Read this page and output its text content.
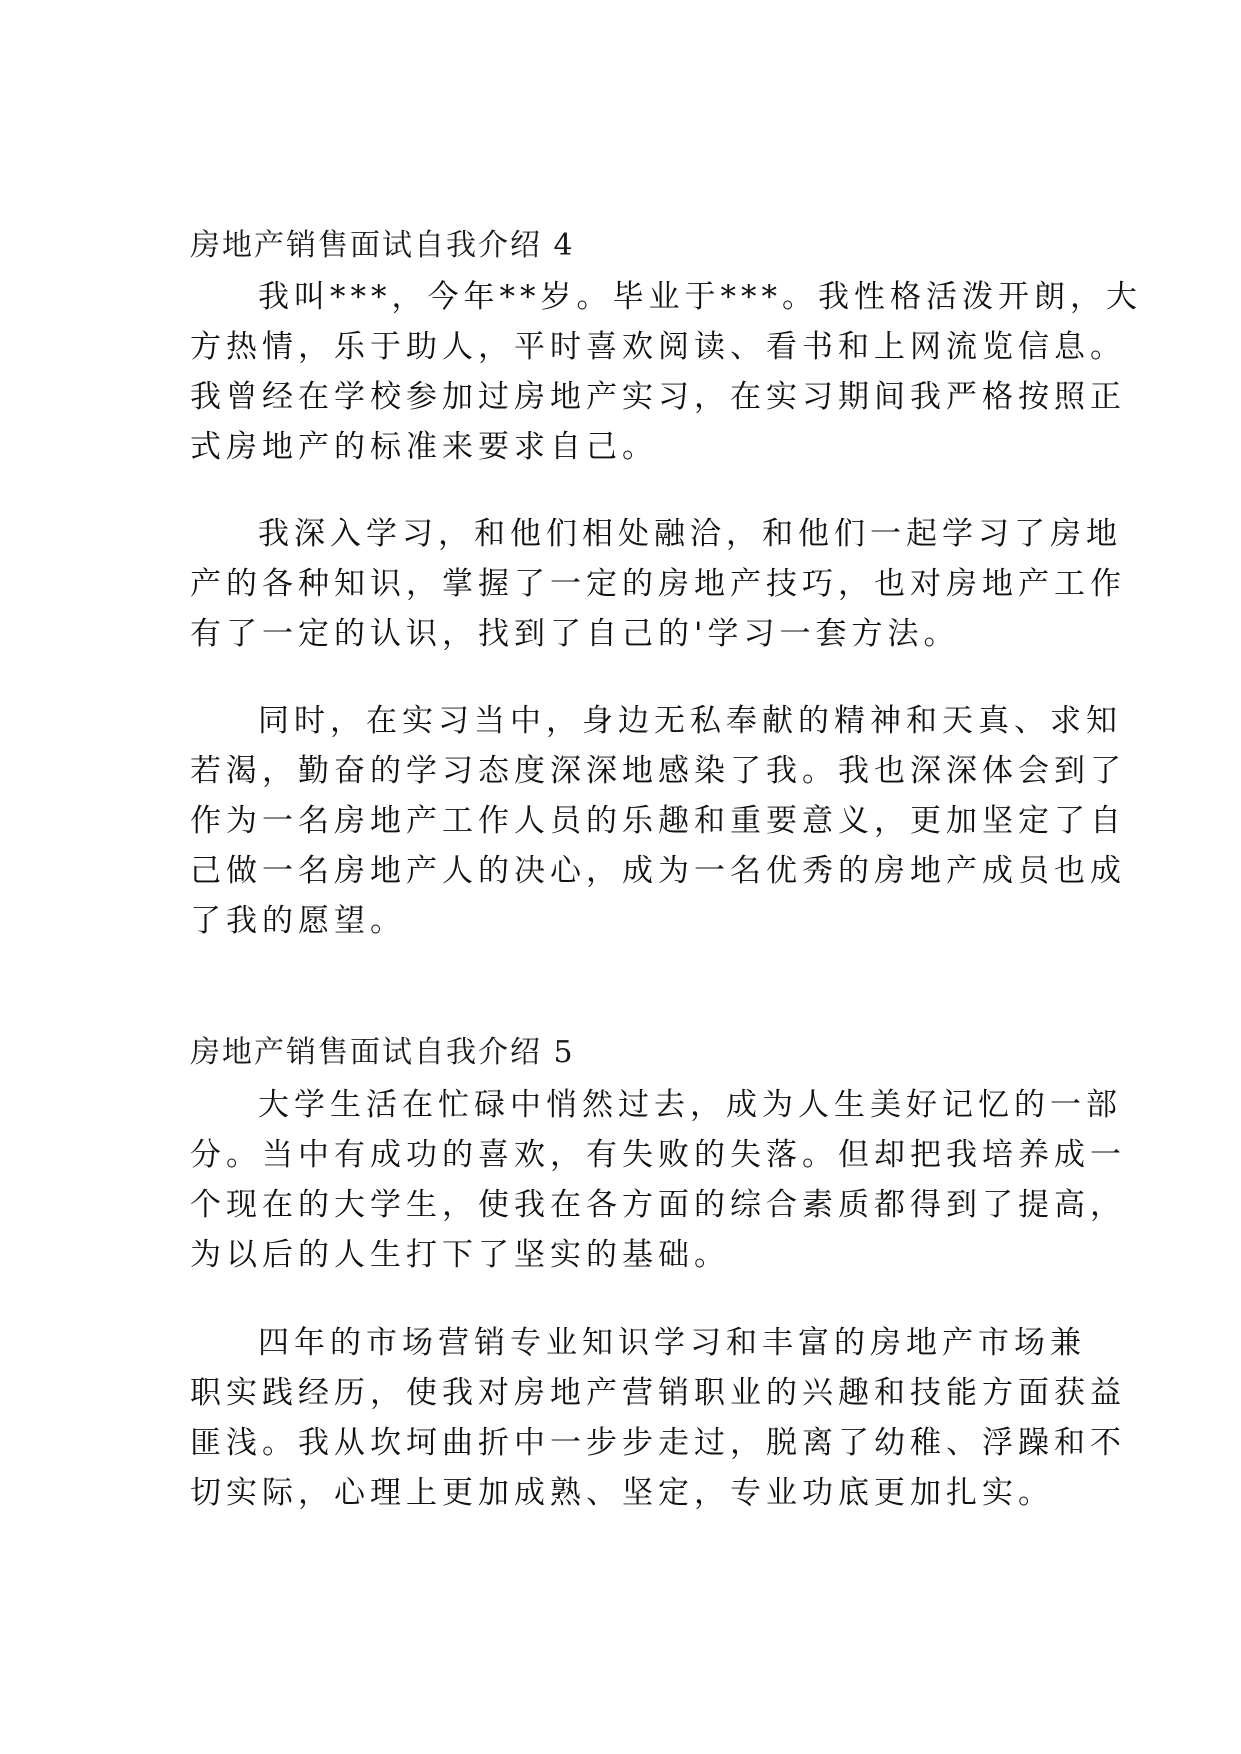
房地产销售面试自我介绍 4

我叫***，今年**岁。毕业于***。我性格活泼开朗，大

方热情，乐于助人，平时喜欢阅读、看书和上网流览信息。

我曾经在学校参加过房地产实习，在实习期间我严格按照正

式房地产的标准来要求自己。

我深入学习，和他们相处融洽，和他们一起学习了房地

产的各种知识，掌握了一定的房地产技巧，也对房地产工作

有了一定的认识，找到了自己的'学习一套方法。

同时，在实习当中，身边无私奉献的精神和天真、求知

若渴，勤奋的学习态度深深地感染了我。我也深深体会到了

作为一名房地产工作人员的乐趣和重要意义，更加坚定了自

己做一名房地产人的决心，成为一名优秀的房地产成员也成

了我的愿望。

房地产销售面试自我介绍 5

大学生活在忙碌中悄然过去，成为人生美好记忆的一部

分。当中有成功的喜欢，有失败的失落。但却把我培养成一

个现在的大学生，使我在各方面的综合素质都得到了提高，

为以后的人生打下了坚实的基础。

四年的市场营销专业知识学习和丰富的房地产市场兼

职实践经历，使我对房地产营销职业的兴趣和技能方面获益

匪浅。我从坎坷曲折中一步步走过，脱离了幼稚、浮躁和不

切实际，心理上更加成熟、坚定，专业功底更加扎实。
